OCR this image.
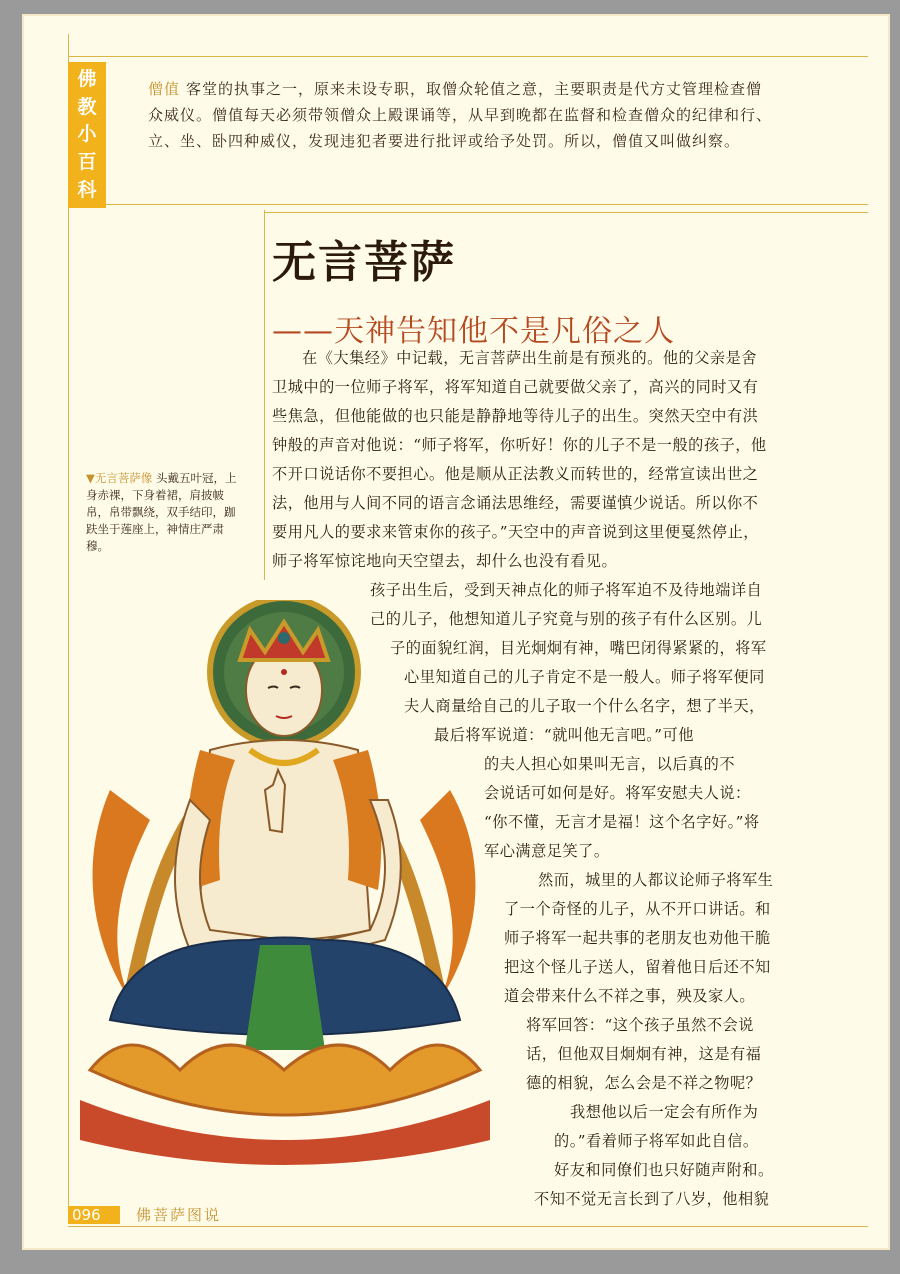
佛
教
小
百
科
僧值 客堂的执事之一，原来未设专职，取僧众轮值之意，主要职责是代方丈管理检查僧众威仪。僧值每天必须带领僧众上殿课诵等，从早到晚都在监督和检查僧众的纪律和行、立、坐、卧四种威仪，发现违犯者要进行批评或给予处罚。所以，僧值又叫做纠察。
无言菩萨
——天神告知他不是凡俗之人
▼无言菩萨像 头戴五叶冠，上身赤裸，下身着裙，肩披帔帛，帛带飘绕，双手结印，跏趺坐于莲座上，神情庄严肃穆。
在《大集经》中记载，无言菩萨出生前是有预兆的。他的父亲是舍
卫城中的一位师子将军，将军知道自己就要做父亲了，高兴的同时又有
些焦急，但他能做的也只能是静静地等待儿子的出生。突然天空中有洪
钟般的声音对他说：“师子将军，你听好！你的儿子不是一般的孩子，他
不开口说话你不要担心。他是顺从正法教义而转世的，经常宣读出世之
法，他用与人间不同的语言念诵法思维经，需要谨慎少说话。所以你不
要用凡人的要求来管束你的孩子。”天空中的声音说到这里便戛然停止，
师子将军惊诧地向天空望去，却什么也没有看见。
孩子出生后，受到天神点化的师子将军迫不及待地端详自
己的儿子，他想知道儿子究竟与别的孩子有什么区别。儿
子的面貌红润，目光炯炯有神，嘴巴闭得紧紧的，将军
心里知道自己的儿子肯定不是一般人。师子将军便同
夫人商量给自己的儿子取一个什么名字，想了半天，
最后将军说道：“就叫他无言吧。”可他
的夫人担心如果叫无言，以后真的不
会说话可如何是好。将军安慰夫人说：
“你不懂，无言才是福！这个名字好。”将
军心满意足笑了。
然而，城里的人都议论师子将军生
了一个奇怪的儿子，从不开口讲话。和
师子将军一起共事的老朋友也劝他干脆
把这个怪儿子送人，留着他日后还不知
道会带来什么不祥之事，殃及家人。
将军回答：“这个孩子虽然不会说
话，但他双目炯炯有神，这是有福
德的相貌，怎么会是不祥之物呢？
我想他以后一定会有所作为
的。”看着师子将军如此自信。
好友和同僚们也只好随声附和。
不知不觉无言长到了八岁，他相貌
096 佛菩萨图说
